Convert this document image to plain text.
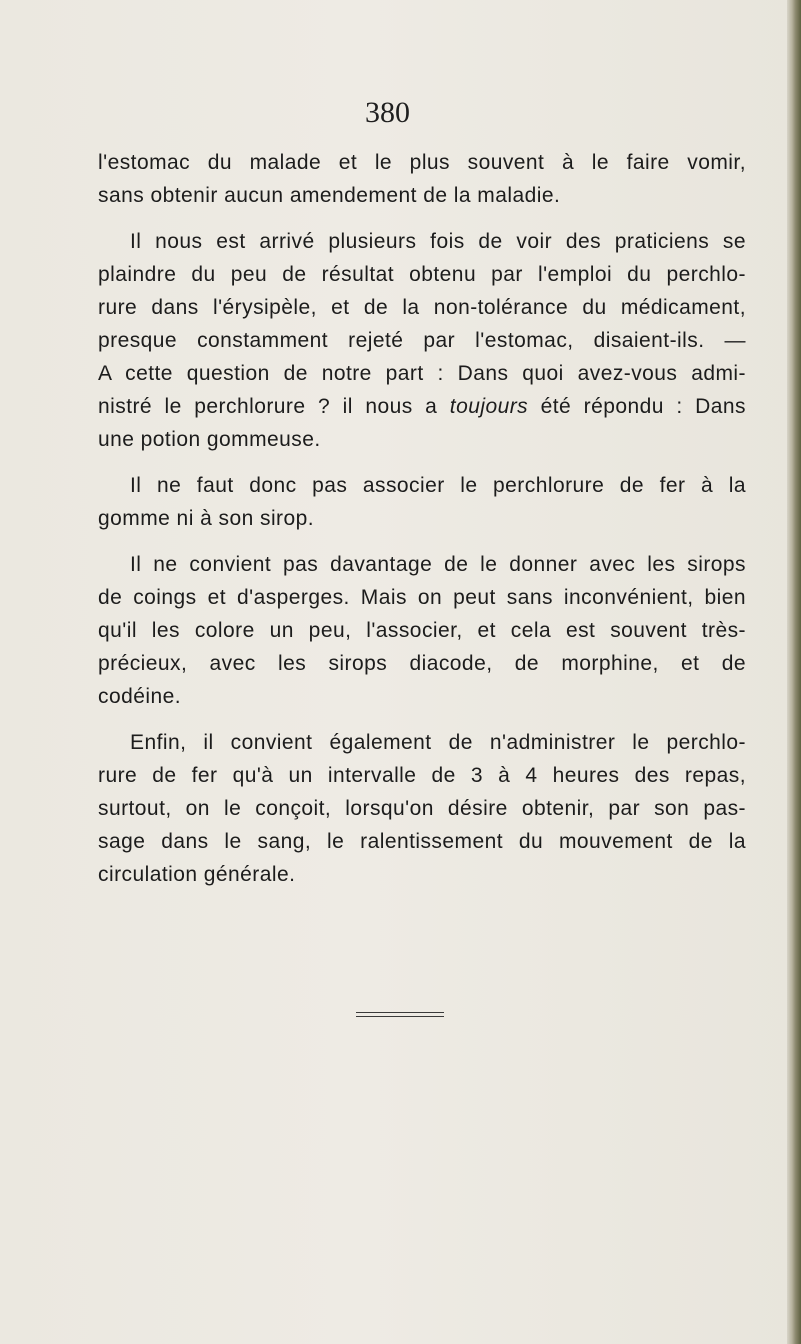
380
l'estomac du malade et le plus souvent à le faire vomir,
sans obtenir aucun amendement de la maladie.
Il nous est arrivé plusieurs fois de voir des praticiens se
plaindre du peu de résultat obtenu par l'emploi du perchlo-
rure dans l'érysipèle, et de la non-tolérance du médicament,
presque constamment rejeté par l'estomac, disaient-ils. —
A cette question de notre part : Dans quoi avez-vous admi-
nistré le perchlorure ? il nous a toujours été répondu : Dans
une potion gommeuse.
Il ne faut donc pas associer le perchlorure de fer à la
gomme ni à son sirop.
Il ne convient pas davantage de le donner avec les sirops
de coings et d'asperges. Mais on peut sans inconvénient, bien
qu'il les colore un peu, l'associer, et cela est souvent très-
précieux, avec les sirops diacode, de morphine, et de
codéine.
Enfin, il convient également de n'administrer le perchlo-
rure de fer qu'à un intervalle de 3 à 4 heures des repas,
surtout, on le conçoit, lorsqu'on désire obtenir, par son pas-
sage dans le sang, le ralentissement du mouvement de la
circulation générale.
